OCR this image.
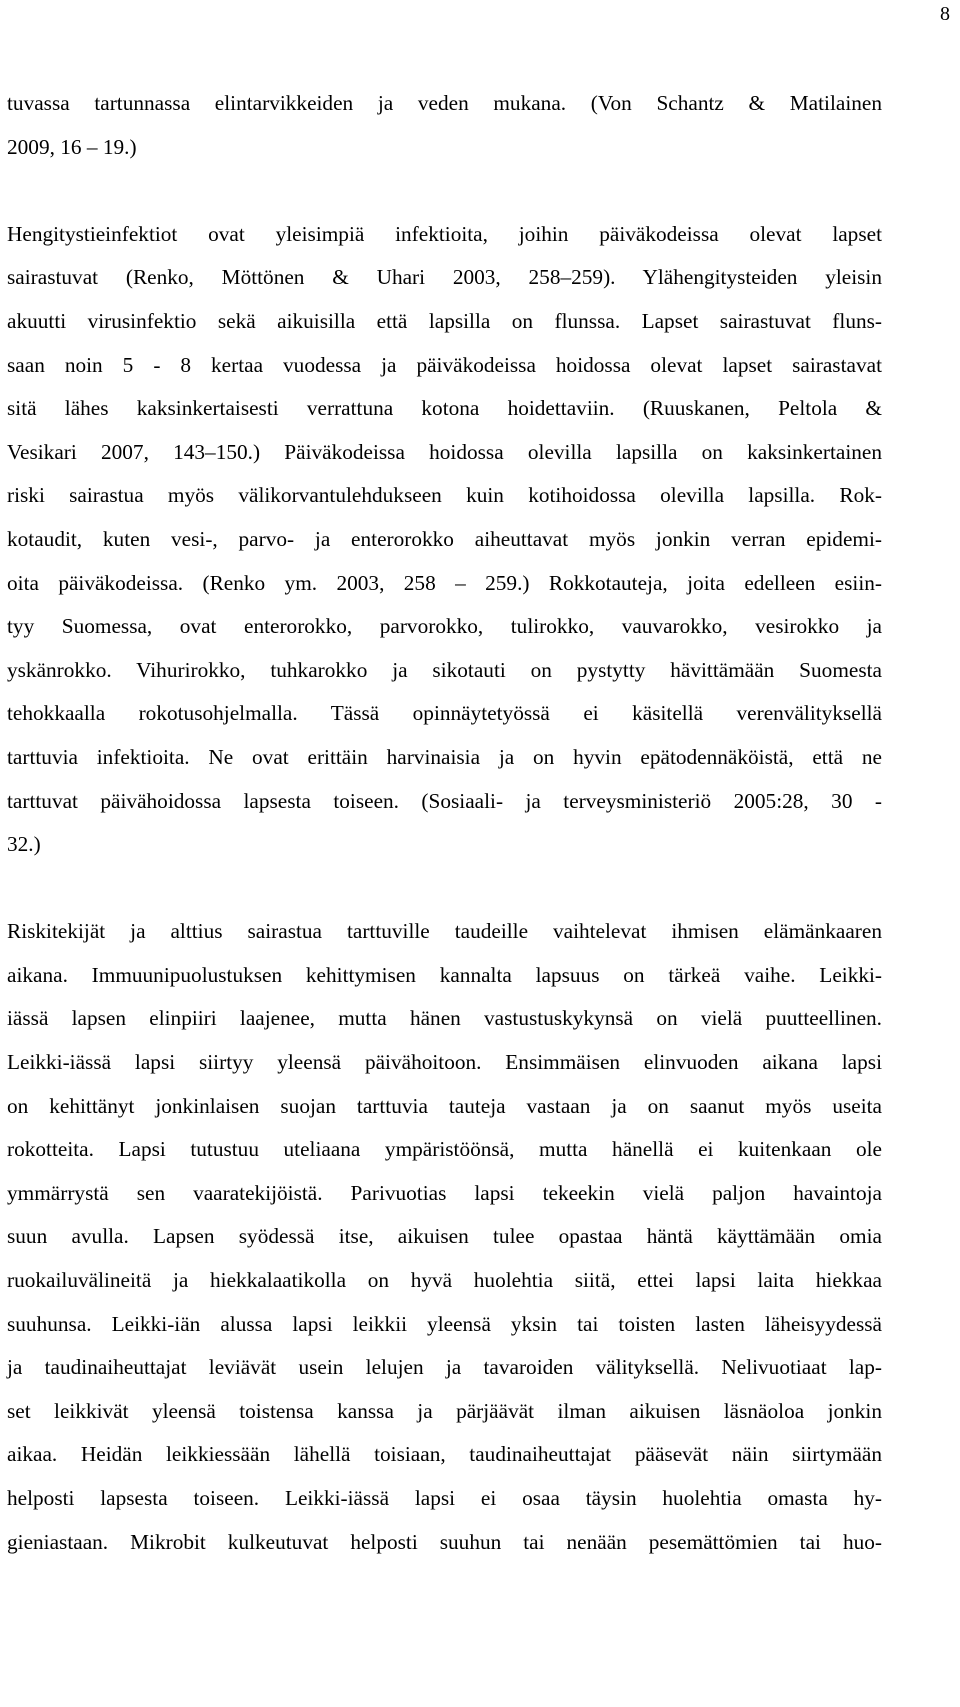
8

tuvassa tartunnassa elintarvikkeiden ja veden mukana. (Von Schantz & Matilainen
2009, 16 – 19.)

Hengitystieinfektiot ovat yleisimpiä infektioita, joihin päiväkodeissa olevat lapset
sairastuvat (Renko, Möttönen & Uhari 2003, 258–259). Ylähengitysteiden yleisin
akuutti virusinfektio sekä aikuisilla että lapsilla on flunssa. Lapset sairastuvat fluns-
saan noin 5 - 8 kertaa vuodessa ja päiväkodeissa hoidossa olevat lapset sairastavat
sitä lähes kaksinkertaisesti verrattuna kotona hoidettaviin. (Ruuskanen, Peltola &
Vesikari 2007, 143–150.) Päiväkodeissa hoidossa olevilla lapsilla on kaksinkertainen
riski sairastua myös välikorvantulehdukseen kuin kotihoidossa olevilla lapsilla. Rok-
kotaudit, kuten vesi-, parvo- ja enterorokko aiheuttavat myös jonkin verran epidemi-
oita päiväkodeissa. (Renko ym. 2003, 258 – 259.) Rokkotauteja, joita edelleen esiin-
tyy Suomessa, ovat enterorokko, parvorokko, tulirokko, vauvarokko, vesirokko ja
yskänrokko. Vihurirokko, tuhkarokko ja sikotauti on pystytty hävittämään Suomesta
tehokkaalla rokotusohjelmalla. Tässä opinnäytetyössä ei käsitellä verenvälityksellä
tarttuvia infektioita. Ne ovat erittäin harvinaisia ja on hyvin epätodennäköistä, että ne
tarttuvat päivähoidossa lapsesta toiseen. (Sosiaali- ja terveysministeriö 2005:28, 30 -
32.)

Riskitekijät ja alttius sairastua tarttuville taudeille vaihtelevat ihmisen elämänkaaren
aikana. Immuunipuolustuksen kehittymisen kannalta lapsuus on tärkeä vaihe. Leikki-
iässä lapsen elinpiiri laajenee, mutta hänen vastustuskykynsä on vielä puutteellinen.
Leikki-iässä lapsi siirtyy yleensä päivähoitoon. Ensimmäisen elinvuoden aikana lapsi
on kehittänyt jonkinlaisen suojan tarttuvia tauteja vastaan ja on saanut myös useita
rokotteita. Lapsi tutustuu uteliaana ympäristöönsä, mutta hänellä ei kuitenkaan ole
ymmärrystä sen vaaratekijöistä. Parivuotias lapsi tekeekin vielä paljon havaintoja
suun avulla. Lapsen syödessä itse, aikuisen tulee opastaa häntä käyttämään omia
ruokailuvälineitä ja hiekkalaatikolla on hyvä huolehtia siitä, ettei lapsi laita hiekkaa
suuhunsa. Leikki-iän alussa lapsi leikkii yleensä yksin tai toisten lasten läheisyydessä
ja taudinaiheuttajat leviävät usein lelujen ja tavaroiden välityksellä. Nelivuotiaat lap-
set leikkivät yleensä toistensa kanssa ja pärjäävät ilman aikuisen läsnäoloa jonkin
aikaa. Heidän leikkiessään lähellä toisiaan, taudinaiheuttajat pääsevät näin siirtymään
helposti lapsesta toiseen. Leikki-iässä lapsi ei osaa täysin huolehtia omasta hy-
gieniastaan. Mikrobit kulkeutuvat helposti suuhun tai nenään pesemättömien tai huo-
